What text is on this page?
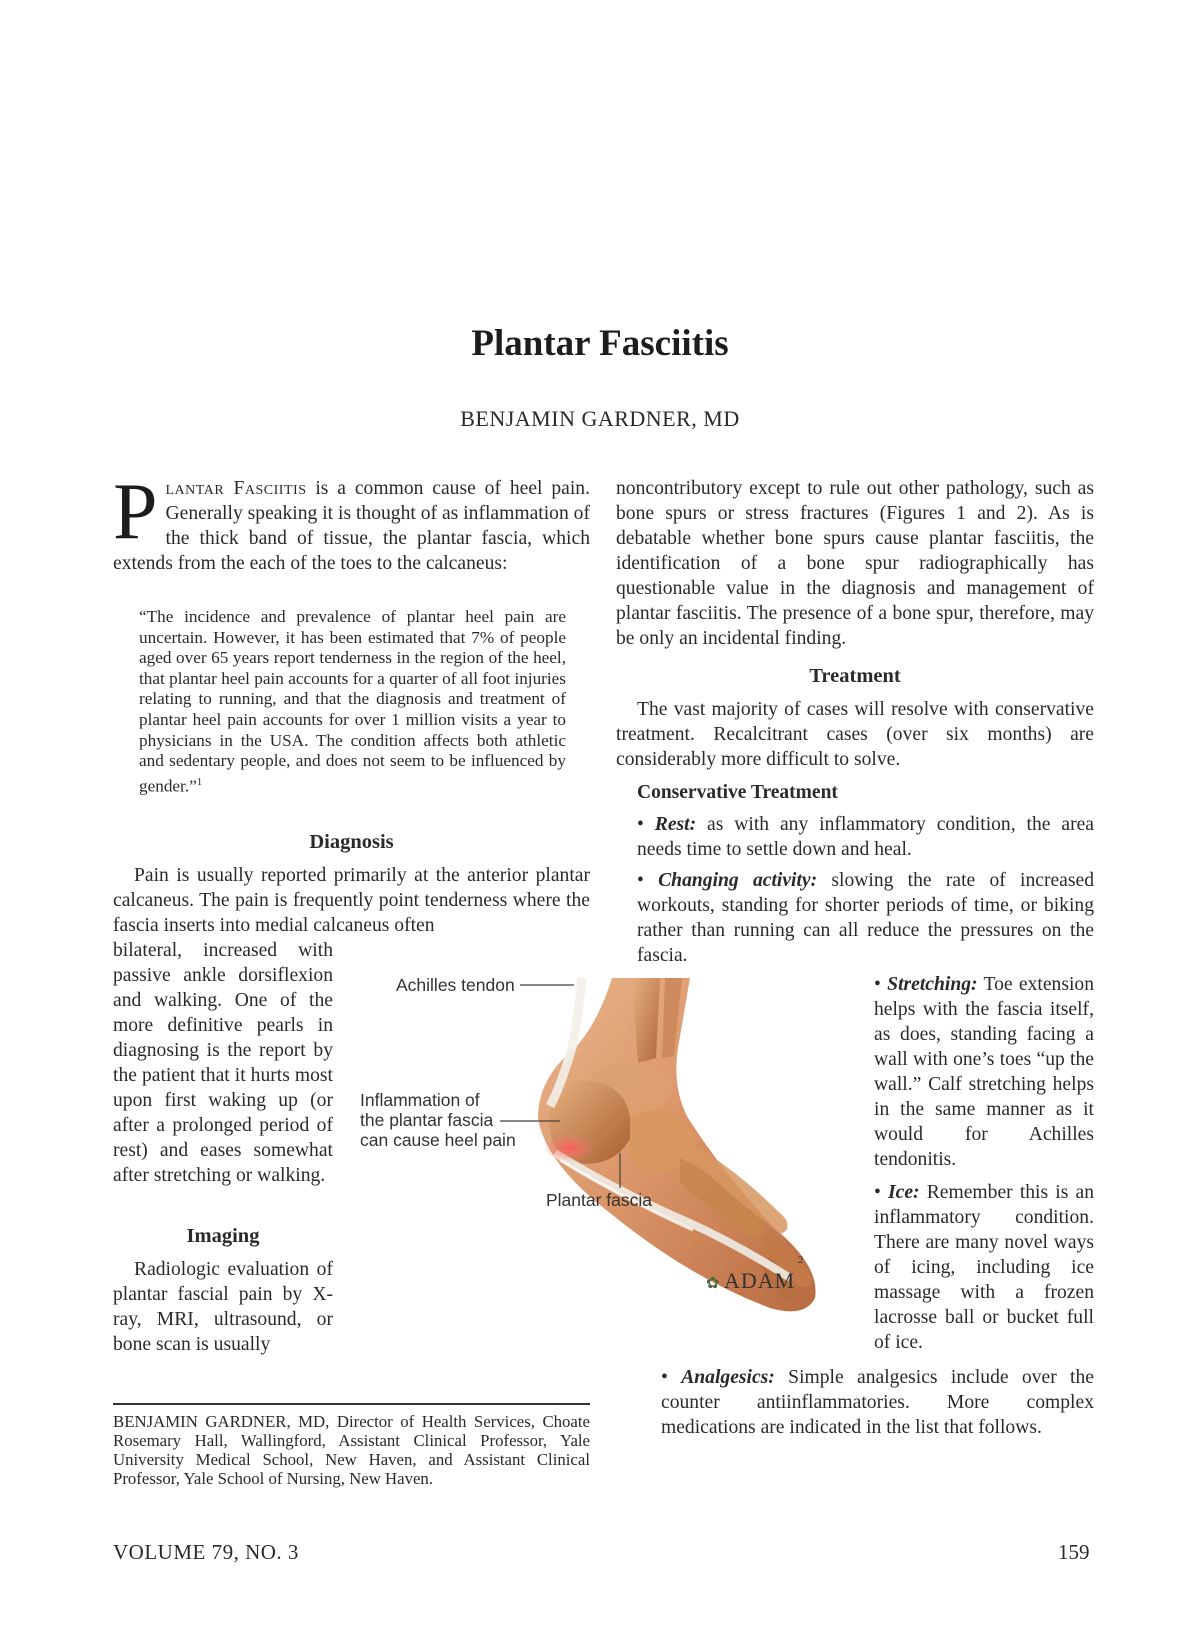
Plantar Fasciitis
BENJAMIN GARDNER, MD

Plantar Fasciitis is a common cause of heel pain. Generally speaking it is thought of as inflammation of the thick band of tissue, the plantar fascia, which extends from the each of the toes to the calcaneus:

“The incidence and prevalence of plantar heel pain are uncertain. However, it has been estimated that 7% of people aged over 65 years report tenderness in the region of the heel, that plantar heel pain accounts for a quarter of all foot injuries relating to running, and that the diagnosis and treatment of plantar heel pain accounts for over 1 million visits a year to physicians in the USA. The condition affects both athletic and sedentary people, and does not seem to be influenced by gender.”$^1$

Diagnosis

Pain is usually reported primarily at the anterior plantar calcaneus. The pain is frequently point tenderness where the fascia inserts into medial calcaneus often

bilateral, increased with passive ankle dorsiflexion and walking. One of the more definitive pearls in diagnosing is the report by the patient that it hurts most upon first waking up (or after a prolonged period of rest) and eases somewhat after stretching or walking.

Imaging

Radiologic evaluation of plantar fascial pain by X-ray, MRI, ultrasound, or bone scan is usually

noncontributory except to rule out other pathology, such as bone spurs or stress fractures (Figures 1 and 2). As is debatable whether bone spurs cause plantar fasciitis, the identification of a bone spur radiographically has questionable value in the diagnosis and management of plantar fasciitis. The presence of a bone spur, therefore, may be only an incidental finding.

Treatment

The vast majority of cases will resolve with conservative treatment. Recalcitrant cases (over six months) are considerably more difficult to solve.

Conservative Treatment

• Rest: as with any inflammatory condition, the area needs time to settle down and heal.

• Changing activity: slowing the rate of increased workouts, standing for shorter periods of time, or biking rather than running can all reduce the pressures on the fascia.

• Stretching: Toe extension helps with the fascia itself, as does, standing facing a wall with one’s toes “up the wall.” Calf stretching helps in the same manner as it would for Achilles tendonitis.

• Ice: Remember this is an inflammatory condition. There are many novel ways of icing, including ice massage with a frozen lacrosse ball or bucket full of ice.

• Analgesics: Simple analgesics include over the counter antiinflammatories. More complex medications are indicated in the list that follows.

Achilles tendon
Inflammation of
the plantar fascia
can cause heel pain
Plantar fascia
✿ ADAM
2

BENJAMIN GARDNER, MD, Director of Health Services, Choate Rosemary Hall, Wallingford, Assistant Clinical Professor, Yale University Medical School, New Haven, and Assistant Clinical Professor, Yale School of Nursing, New Haven.

VOLUME 79, NO. 3	159
